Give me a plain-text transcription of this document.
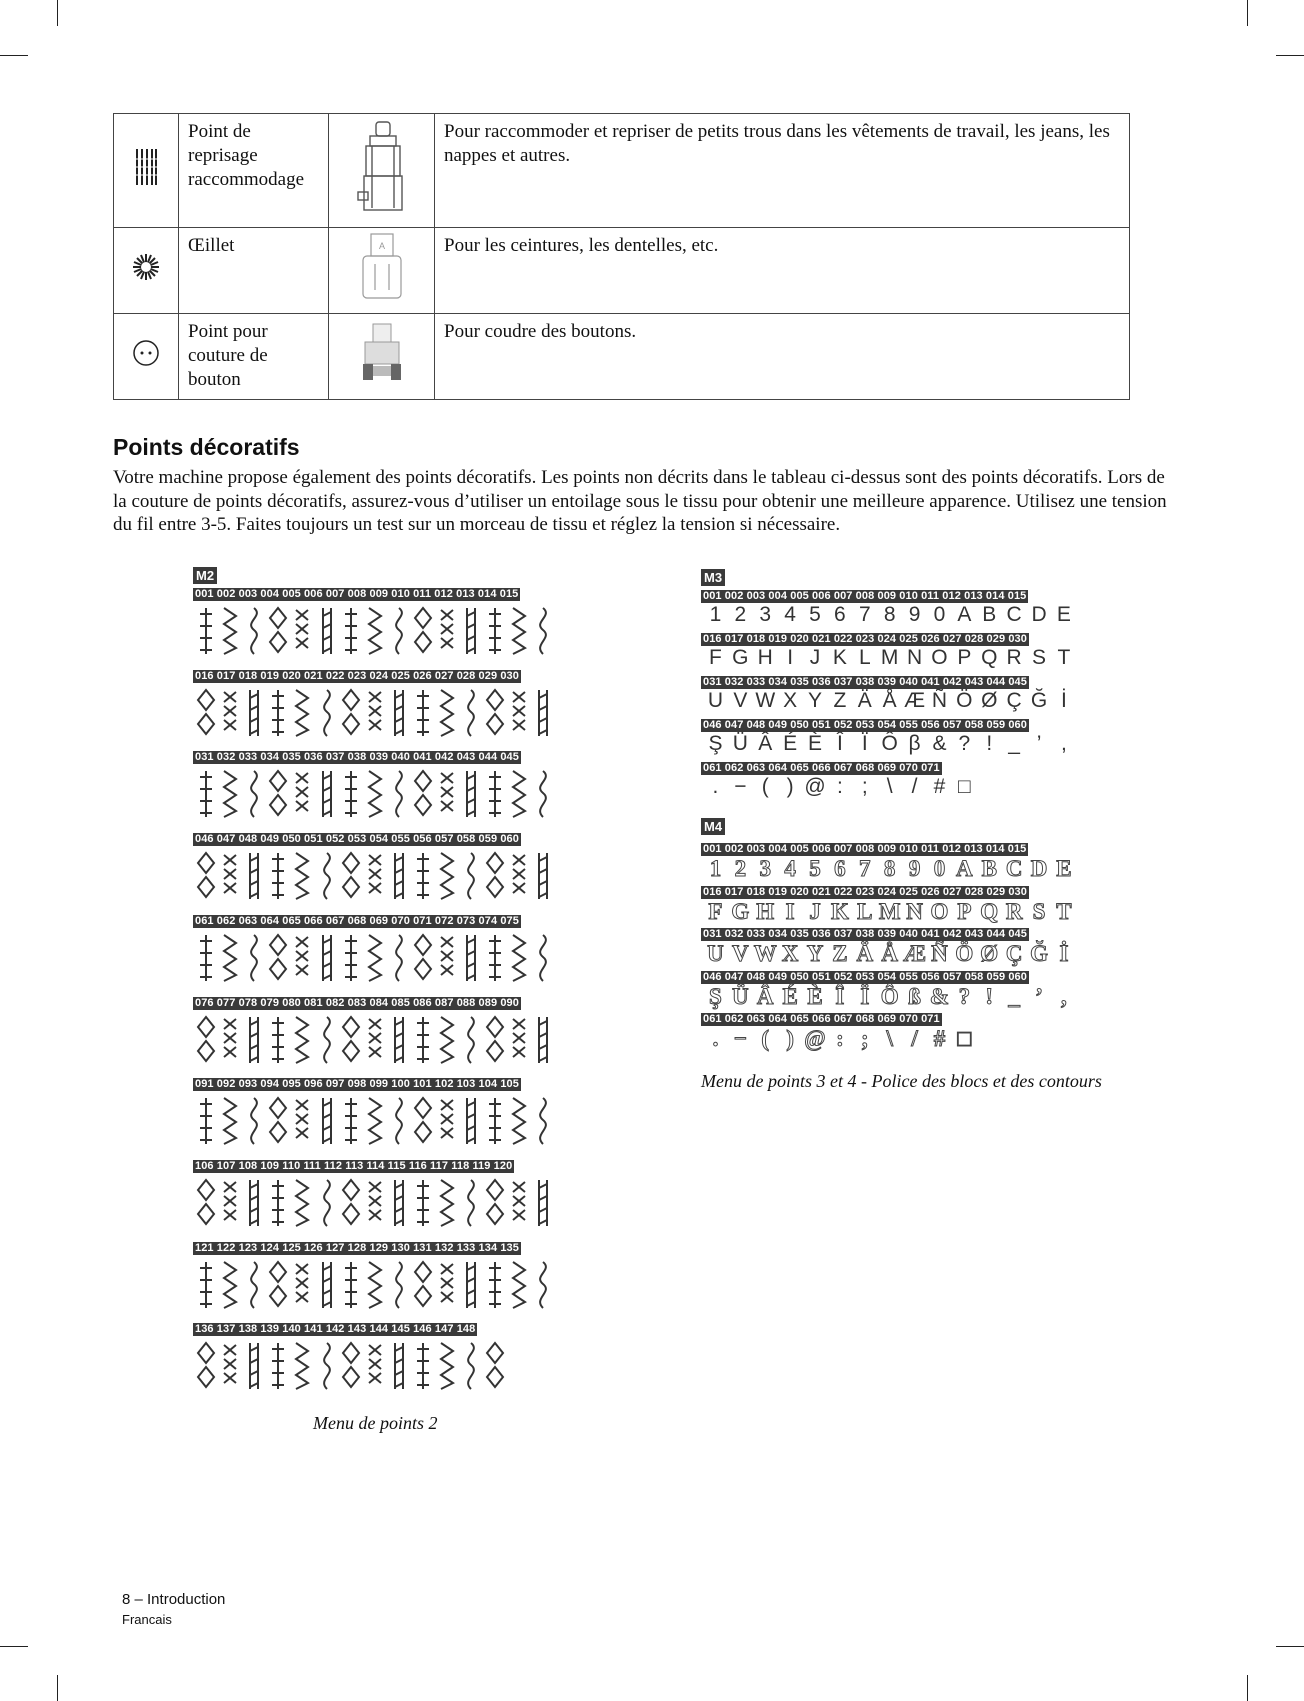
	Point de reprisage raccommodage		Pour raccommoder et repriser de petits trous dans les vêtements de travail, les jeans, les nappes et autres.
	Œillet	A	Pour les ceintures, les dentelles, etc.
	Point pour couture de bouton		Pour coudre des boutons.
Points décoratifs

Votre machine propose également des points décoratifs. Les points non décrits dans le tableau ci-dessus sont des points décoratifs. Lors de la couture de points décoratifs, assurez-vous d’utiliser un entoilage sous le tissu pour obtenir une meilleure apparence. Utilisez une tension du fil entre 3-5. Faites toujours un test sur un morceau de tissu et réglez la tension si nécessaire.

M2
001 002 003 004 005 006 007 008 009 010 011 012 013 014 015
016 017 018 019 020 021 022 023 024 025 026 027 028 029 030
031 032 033 034 035 036 037 038 039 040 041 042 043 044 045
046 047 048 049 050 051 052 053 054 055 056 057 058 059 060
061 062 063 064 065 066 067 068 069 070 071 072 073 074 075
076 077 078 079 080 081 082 083 084 085 086 087 088 089 090
091 092 093 094 095 096 097 098 099 100 101 102 103 104 105
106 107 108 109 110 111 112 113 114 115 116 117 118 119 120
121 122 123 124 125 126 127 128 129 130 131 132 133 134 135
136 137 138 139 140 141 142 143 144 145 146 147 148
Menu de points 2
M3
001 002 003 004 005 006 007 008 009 010 011 012 013 014 015
1 2 3 4 5 6 7 8 9 0 A B C D E
016 017 018 019 020 021 022 023 024 025 026 027 028 029 030
F G H I J K L M N O P Q R S T
031 032 033 034 035 036 037 038 039 040 041 042 043 044 045
U V W X Y Z Ä Å Æ Ñ Ö Ø Ç Ğ İ
046 047 048 049 050 051 052 053 054 055 056 057 058 059 060
Ş Ü Â É È Î Ï Ô β & ? ! _ ’ ,
061 062 063 064 065 066 067 068 069 070 071
. − ( ) @ : ; \ / # □
M4
001 002 003 004 005 006 007 008 009 010 011 012 013 014 015
1 2 3 4 5 6 7 8 9 0 A B C D E
016 017 018 019 020 021 022 023 024 025 026 027 028 029 030
F G H I J K L M N O P Q R S T
031 032 033 034 035 036 037 038 039 040 041 042 043 044 045
U V W X Y Z Ä Å Æ Ñ Ö Ø Ç Ğ İ
046 047 048 049 050 051 052 053 054 055 056 057 058 059 060
Ş Ü Â É È Î Ï Ô ß & ? ! _ ’ ,
061 062 063 064 065 066 067 068 069 070 071
. − ( ) @ : ; \ / # □
Menu de points 3 et 4 - Police des blocs et des contours
8 – Introduction
Francais
